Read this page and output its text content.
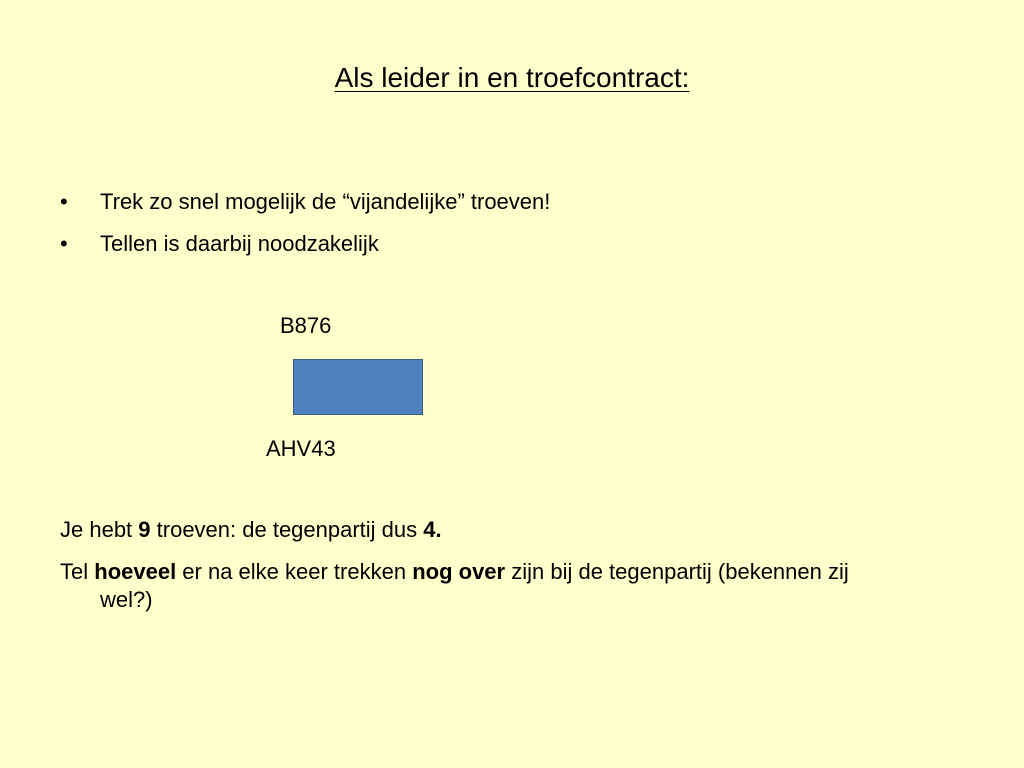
Als leider in en troefcontract:
•	Trek zo snel mogelijk de “vijandelijke” troeven!
•	Tellen is daarbij noodzakelijk
B876
AHV43
Je hebt 9 troeven: de tegenpartij dus 4.
Tel hoeveel er na elke keer trekken nog over zijn bij de tegenpartij (bekennen zij wel?)
